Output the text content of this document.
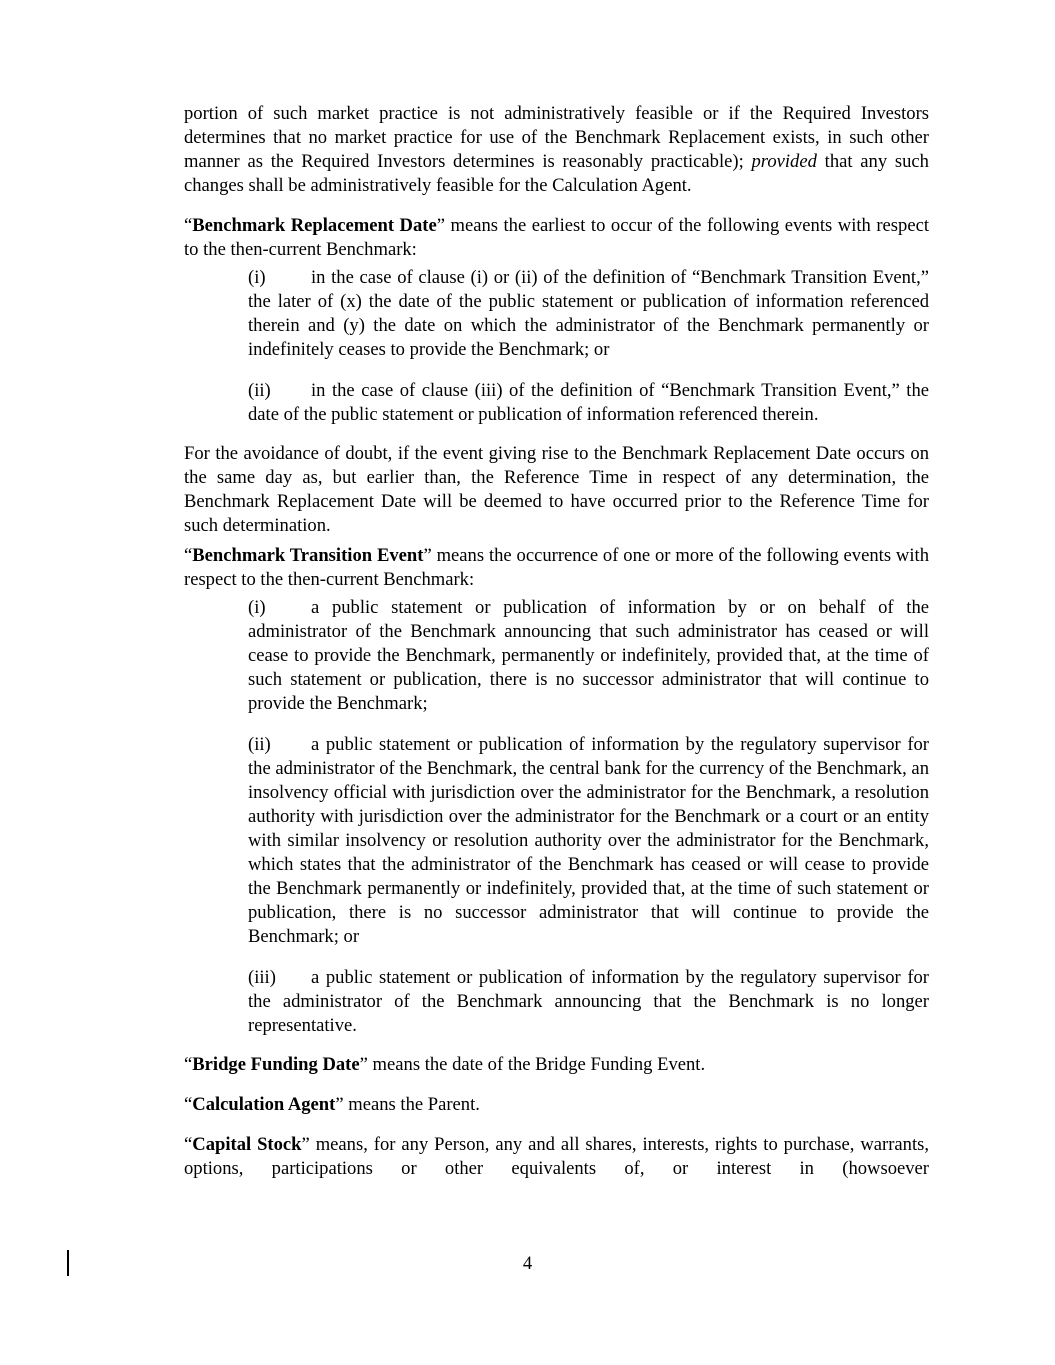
portion of such market practice is not administratively feasible or if the Required Investors determines that no market practice for use of the Benchmark Replacement exists, in such other manner as the Required Investors determines is reasonably practicable); provided that any such changes shall be administratively feasible for the Calculation Agent.

“Benchmark Replacement Date” means the earliest to occur of the following events with respect to the then-current Benchmark:

(i) in the case of clause (i) or (ii) of the definition of “Benchmark Transition Event,” the later of (x) the date of the public statement or publication of information referenced therein and (y) the date on which the administrator of the Benchmark permanently or indefinitely ceases to provide the Benchmark; or

(ii) in the case of clause (iii) of the definition of “Benchmark Transition Event,” the date of the public statement or publication of information referenced therein.

For the avoidance of doubt, if the event giving rise to the Benchmark Replacement Date occurs on the same day as, but earlier than, the Reference Time in respect of any determination, the Benchmark Replacement Date will be deemed to have occurred prior to the Reference Time for such determination.

“Benchmark Transition Event” means the occurrence of one or more of the following events with respect to the then-current Benchmark:

(i) a public statement or publication of information by or on behalf of the administrator of the Benchmark announcing that such administrator has ceased or will cease to provide the Benchmark, permanently or indefinitely, provided that, at the time of such statement or publication, there is no successor administrator that will continue to provide the Benchmark;

(ii) a public statement or publication of information by the regulatory supervisor for the administrator of the Benchmark, the central bank for the currency of the Benchmark, an insolvency official with jurisdiction over the administrator for the Benchmark, a resolution authority with jurisdiction over the administrator for the Benchmark or a court or an entity with similar insolvency or resolution authority over the administrator for the Benchmark, which states that the administrator of the Benchmark has ceased or will cease to provide the Benchmark permanently or indefinitely, provided that, at the time of such statement or publication, there is no successor administrator that will continue to provide the Benchmark; or

(iii) a public statement or publication of information by the regulatory supervisor for the administrator of the Benchmark announcing that the Benchmark is no longer representative.

“Bridge Funding Date” means the date of the Bridge Funding Event.

“Calculation Agent” means the Parent.

“Capital Stock” means, for any Person, any and all shares, interests, rights to purchase, warrants, options, participations or other equivalents of, or interest in (howsoever

4
